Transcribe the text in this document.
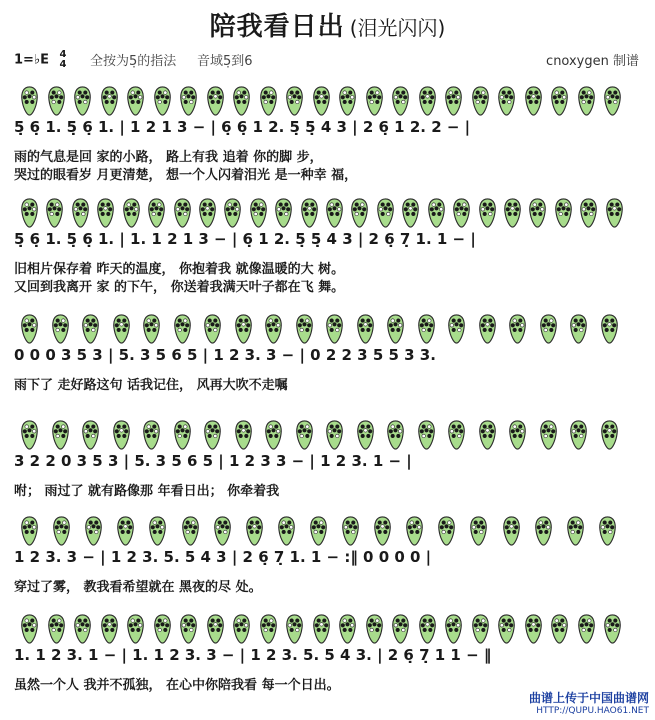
陪我看日出 (泪光闪闪)
1=♭E 4
4 全按为5̣的指法 音域5̣到6	cnoxygen 制谱
5̣ 6̣ 1. 5̣ 6̣ 1. | 1 2 1 3 − | 6̣ 6̣ 1 2. 5̣ 5̣ 4 3 | 2 6̣ 1 2. 2 − |
雨的气息是回 家的小路， 路上有我 追着 你的脚 步，
哭过的眼看岁 月更清楚， 想一个人闪着泪光 是一种幸 福，
5̣ 6̣ 1. 5̣ 6̣ 1. | 1. 1 2 1 3 − | 6̣ 1 2. 5̣ 5̣ 4 3 | 2 6̣ 7̣ 1. 1 − |
旧相片保存着 昨天的温度， 你抱着我 就像温暖的大 树。
又回到我离开 家 的下午， 你送着我满天叶子都在飞 舞。
0 0 0 3 5 3 | 5. 3 5 6 5 | 1 2 3. 3 − | 0 2 2 3 5 5 3 3.
雨下了 走好路这句 话我记住， 风再大吹不走嘱
3 2 2 0 3 5 3 | 5. 3 5 6 5 | 1 2 3 3 − | 1 2 3. 1 − |
咐； 雨过了 就有路像那 年看日出； 你牵着我
1 2 3. 3 − | 1 2 3. 5. 5 4 3 | 2 6̣ 7̣ 1. 1 − :‖ 0 0 0 0 |
穿过了雾， 教我看希望就在 黑夜的尽 处。
1. 1 2 3. 1 − | 1. 1 2 3. 3 − | 1 2 3. 5. 5 4 3. | 2 6̣ 7̣ 1 1 − ‖
虽然一个人 我并不孤独， 在心中你陪我看 每一个日出。
曲谱上传于中国曲谱网
HTTP://QUPU.HAO61.NET
